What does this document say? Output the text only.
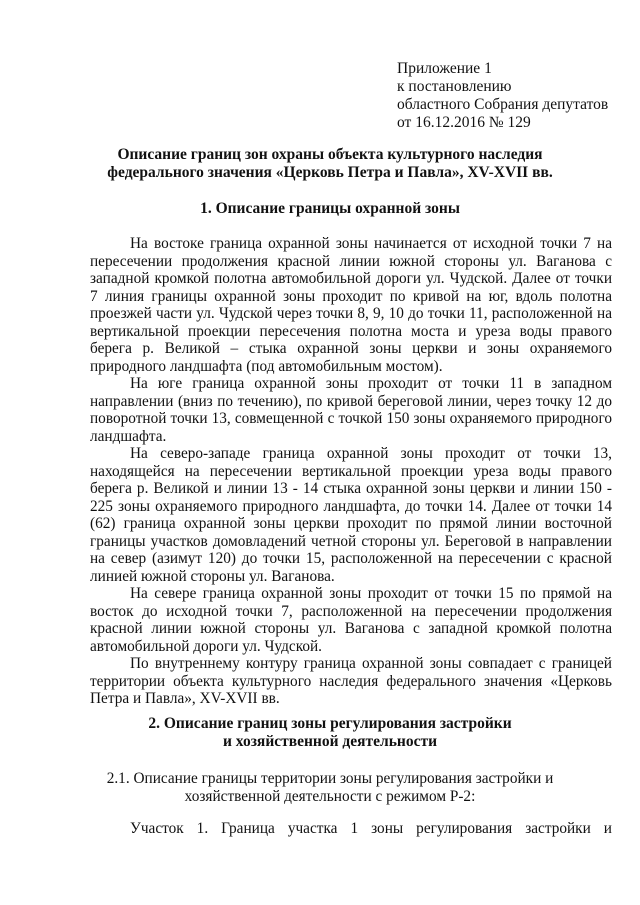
Приложение 1
к постановлению
областного Собрания депутатов
от 16.12.2016 № 129
Описание границ зон охраны объекта культурного наследия
федерального значения «Церковь Петра и Павла», XV-XVII вв.
1. Описание границы охранной зоны

На востоке граница охранной зоны начинается от исходной точки 7 на пересечении продолжения красной линии южной стороны ул. Ваганова с западной кромкой полотна автомобильной дороги ул. Чудской. Далее от точки 7 линия границы охранной зоны проходит по кривой на юг, вдоль полотна проезжей части ул. Чудской через точки 8, 9, 10 до точки 11, расположенной на вертикальной проекции пересечения полотна моста и уреза воды правого берега р. Великой – стыка охранной зоны церкви и зоны охраняемого природного ландшафта (под автомобильным мостом).

На юге граница охранной зоны проходит от точки 11 в западном направлении (вниз по течению), по кривой береговой линии, через точку 12 до поворотной точки 13, совмещенной с точкой 150 зоны охраняемого природного ландшафта.

На северо-западе граница охранной зоны проходит от точки 13, находящейся на пересечении вертикальной проекции уреза воды правого берега р. Великой и линии 13 - 14 стыка охранной зоны церкви и линии 150 - 225 зоны охраняемого природного ландшафта, до точки 14. Далее от точки 14 (62) граница охранной зоны церкви проходит по прямой линии восточной границы участков домовладений четной стороны ул. Береговой в направлении на север (азимут 120) до точки 15, расположенной на пересечении с красной линией южной стороны ул. Ваганова.

На севере граница охранной зоны проходит от точки 15 по прямой на восток до исходной точки 7, расположенной на пересечении продолжения красной линии южной стороны ул. Ваганова с западной кромкой полотна автомобильной дороги ул. Чудской.

По внутреннему контуру граница охранной зоны совпадает с границей территории объекта культурного наследия федерального значения «Церковь Петра и Павла», XV-XVII вв.

2. Описание границ зоны регулирования застройки
и хозяйственной деятельности
2.1. Описание границы территории зоны регулирования застройки и
хозяйственной деятельности с режимом Р-2:
Участок 1. Граница участка 1 зоны регулирования застройки и
